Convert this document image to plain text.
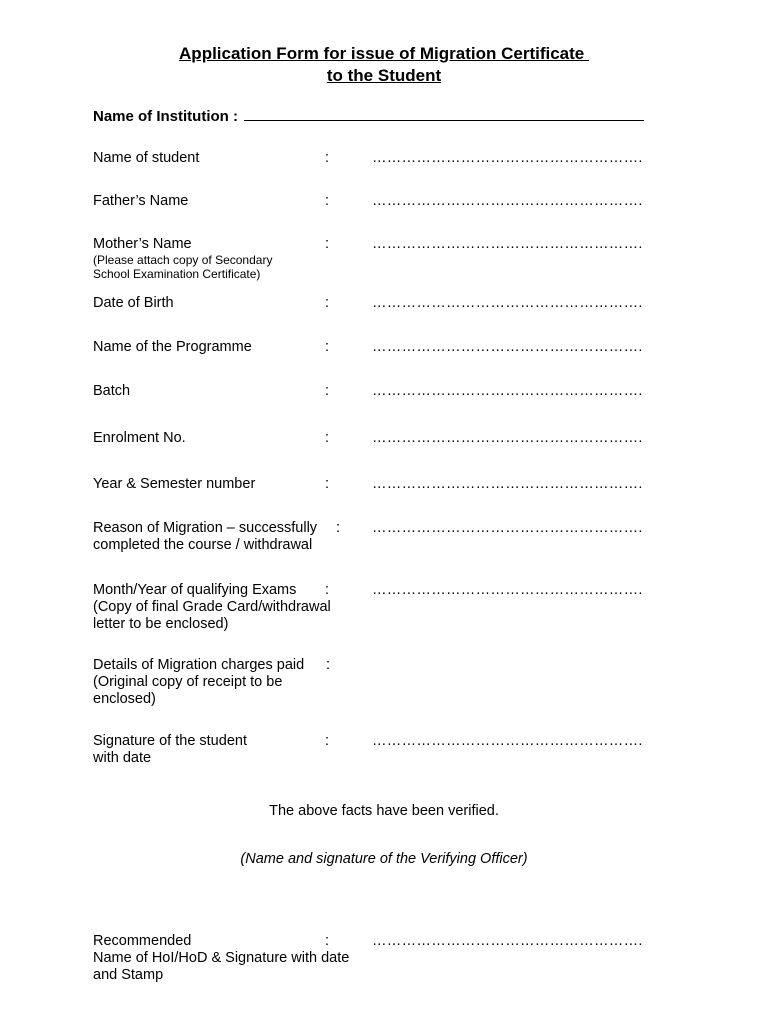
Application Form for issue of Migration Certificate
to the Student
Name of Institution :
Name of student	:	……………………………………………….
Father’s Name	:	……………………………………………….
Mother’s Name
(Please attach copy of Secondary
School Examination Certificate)
:	……………………………………………….
Date of Birth	:	……………………………………………….
Name of the Programme	:	……………………………………………….
Batch	:	……………………………………………….
Enrolment No.	:	……………………………………………….
Year & Semester number	:	……………………………………………….
Reason of Migration – successfully
completed the course / withdrawal
: ……………………………………………….
Month/Year of qualifying Exams
(Copy of final Grade Card/withdrawal
letter to be enclosed)
:	……………………………………………….
Details of Migration charges paid
(Original copy of receipt to be
enclosed)
:
Signature of the student
with date
:	……………………………………………….
The above facts have been verified.
(Name and signature of the Verifying Officer)
Recommended
Name of HoI/HoD & Signature with date
and Stamp
:	……………………………………………….
